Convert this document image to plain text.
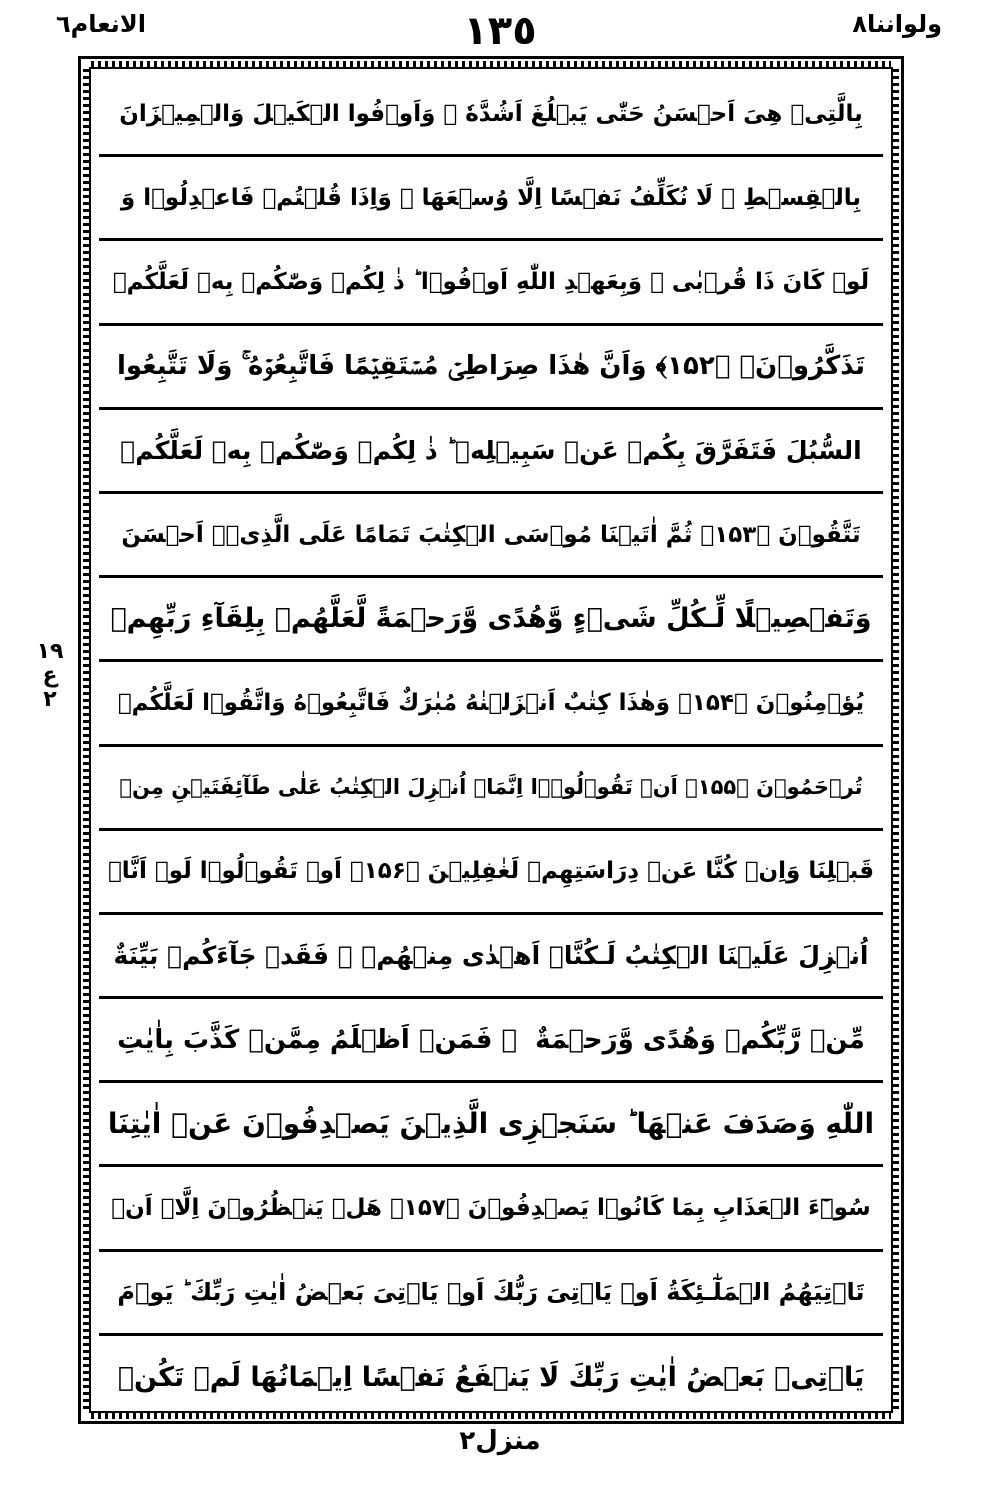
ولواننا٨
١٣٥
الانعام٦
١٩
ع
٢
بِالَّتِىۡ هِىَ اَحۡسَنُ حَتّٰى يَبۡلُغَ اَشُدَّهٗ‌ ۚ وَاَوۡفُوا الۡكَيۡلَ وَالۡمِيۡزَانَ
بِالۡقِسۡطِ‌ ۚ لَا نُكَلِّفُ نَفۡسًا اِلَّا وُسۡعَهَا‌ ۚ وَاِذَا قُلۡتُمۡ فَاعۡدِلُوۡا وَ
لَوۡ كَانَ ذَا قُرۡبٰى‌ ۚ وَبِعَهۡدِ اللّٰهِ اَوۡفُوۡا‌ ؕ ذٰ لِكُمۡ وَصّٰكُمۡ بِهٖ لَعَلَّكُمۡ
تَذَكَّرُوۡنَۙ ﴿۱۵۲﴾ وَاَنَّ هٰذَا صِرَاطِىۡ مُسۡتَقِيۡمًا فَاتَّبِعُوۡهُ‌ ۚ وَلَا تَتَّبِعُوا
السُّبُلَ فَتَفَرَّقَ بِكُمۡ عَنۡ سَبِيۡلِهٖ‌ ؕ ذٰ لِكُمۡ وَصّٰكُمۡ بِهٖ لَعَلَّكُمۡ
تَتَّقُوۡنَ ﴿۱۵۳﴾ ثُمَّ اٰتَيۡنَا مُوۡسَى الۡكِتٰبَ تَمَامًا عَلَى الَّذِىۡۤ اَحۡسَنَ
وَتَفۡصِيۡلًا لِّـكُلِّ شَىۡءٍ وَّهُدًى وَّرَحۡمَةً لَّعَلَّهُمۡ بِلِقَآءِ رَبِّهِمۡ
يُؤۡمِنُوۡنَ ﴿۱۵۴﴾ وَهٰذَا كِتٰبٌ اَنۡزَلۡنٰهُ مُبٰرَكٌ فَاتَّبِعُوۡهُ وَاتَّقُوۡا لَعَلَّكُمۡ
تُرۡحَمُوۡنَ ﴿۱۵۵﴾ اَنۡ تَقُوۡلُوۡۤا اِنَّمَاۤ اُنۡزِلَ الۡكِتٰبُ عَلٰى طَآئِفَتَيۡنِ مِنۡ
قَبۡلِنَا وَاِنۡ كُنَّا عَنۡ دِرَاسَتِهِمۡ لَغٰفِلِيۡنَ ﴿۱۵۶﴾ اَوۡ تَقُوۡلُوۡا لَوۡ اَنَّاۤ
اُنۡزِلَ عَلَيۡنَا الۡكِتٰبُ لَـكُنَّاۤ اَهۡدٰى مِنۡهُمۡ‌ ۚ فَقَدۡ جَآءَكُمۡ بَيِّنَةٌ
مِّنۡ رَّبِّكُمۡ وَهُدًى وَّرَحۡمَةٌ ‌ ۚ فَمَنۡ اَظۡلَمُ مِمَّنۡ كَذَّبَ بِاٰيٰتِ
اللّٰهِ وَصَدَفَ عَنۡهَا‌ ؕ سَنَجۡزِى الَّذِيۡنَ يَصۡدِفُوۡنَ عَنۡ اٰيٰتِنَا
سُوۡٓءَ الۡعَذَابِ بِمَا كَانُوۡا يَصۡدِفُوۡنَ ﴿۱۵۷﴾ هَلۡ يَنۡظُرُوۡنَ اِلَّاۤ اَنۡ
تَاۡتِيَهُمُ الۡمَلٰٓـئِكَةُ اَوۡ يَاۡتِىَ رَبُّكَ اَوۡ يَاۡتِىَ بَعۡضُ اٰيٰتِ رَبِّكَ‌ ؕ يَوۡمَ
يَاۡتِىۡ بَعۡضُ اٰيٰتِ رَبِّكَ لَا يَنۡفَعُ نَفۡسًا اِيۡمَانُهَا لَمۡ تَكُنۡ
منزل٢
